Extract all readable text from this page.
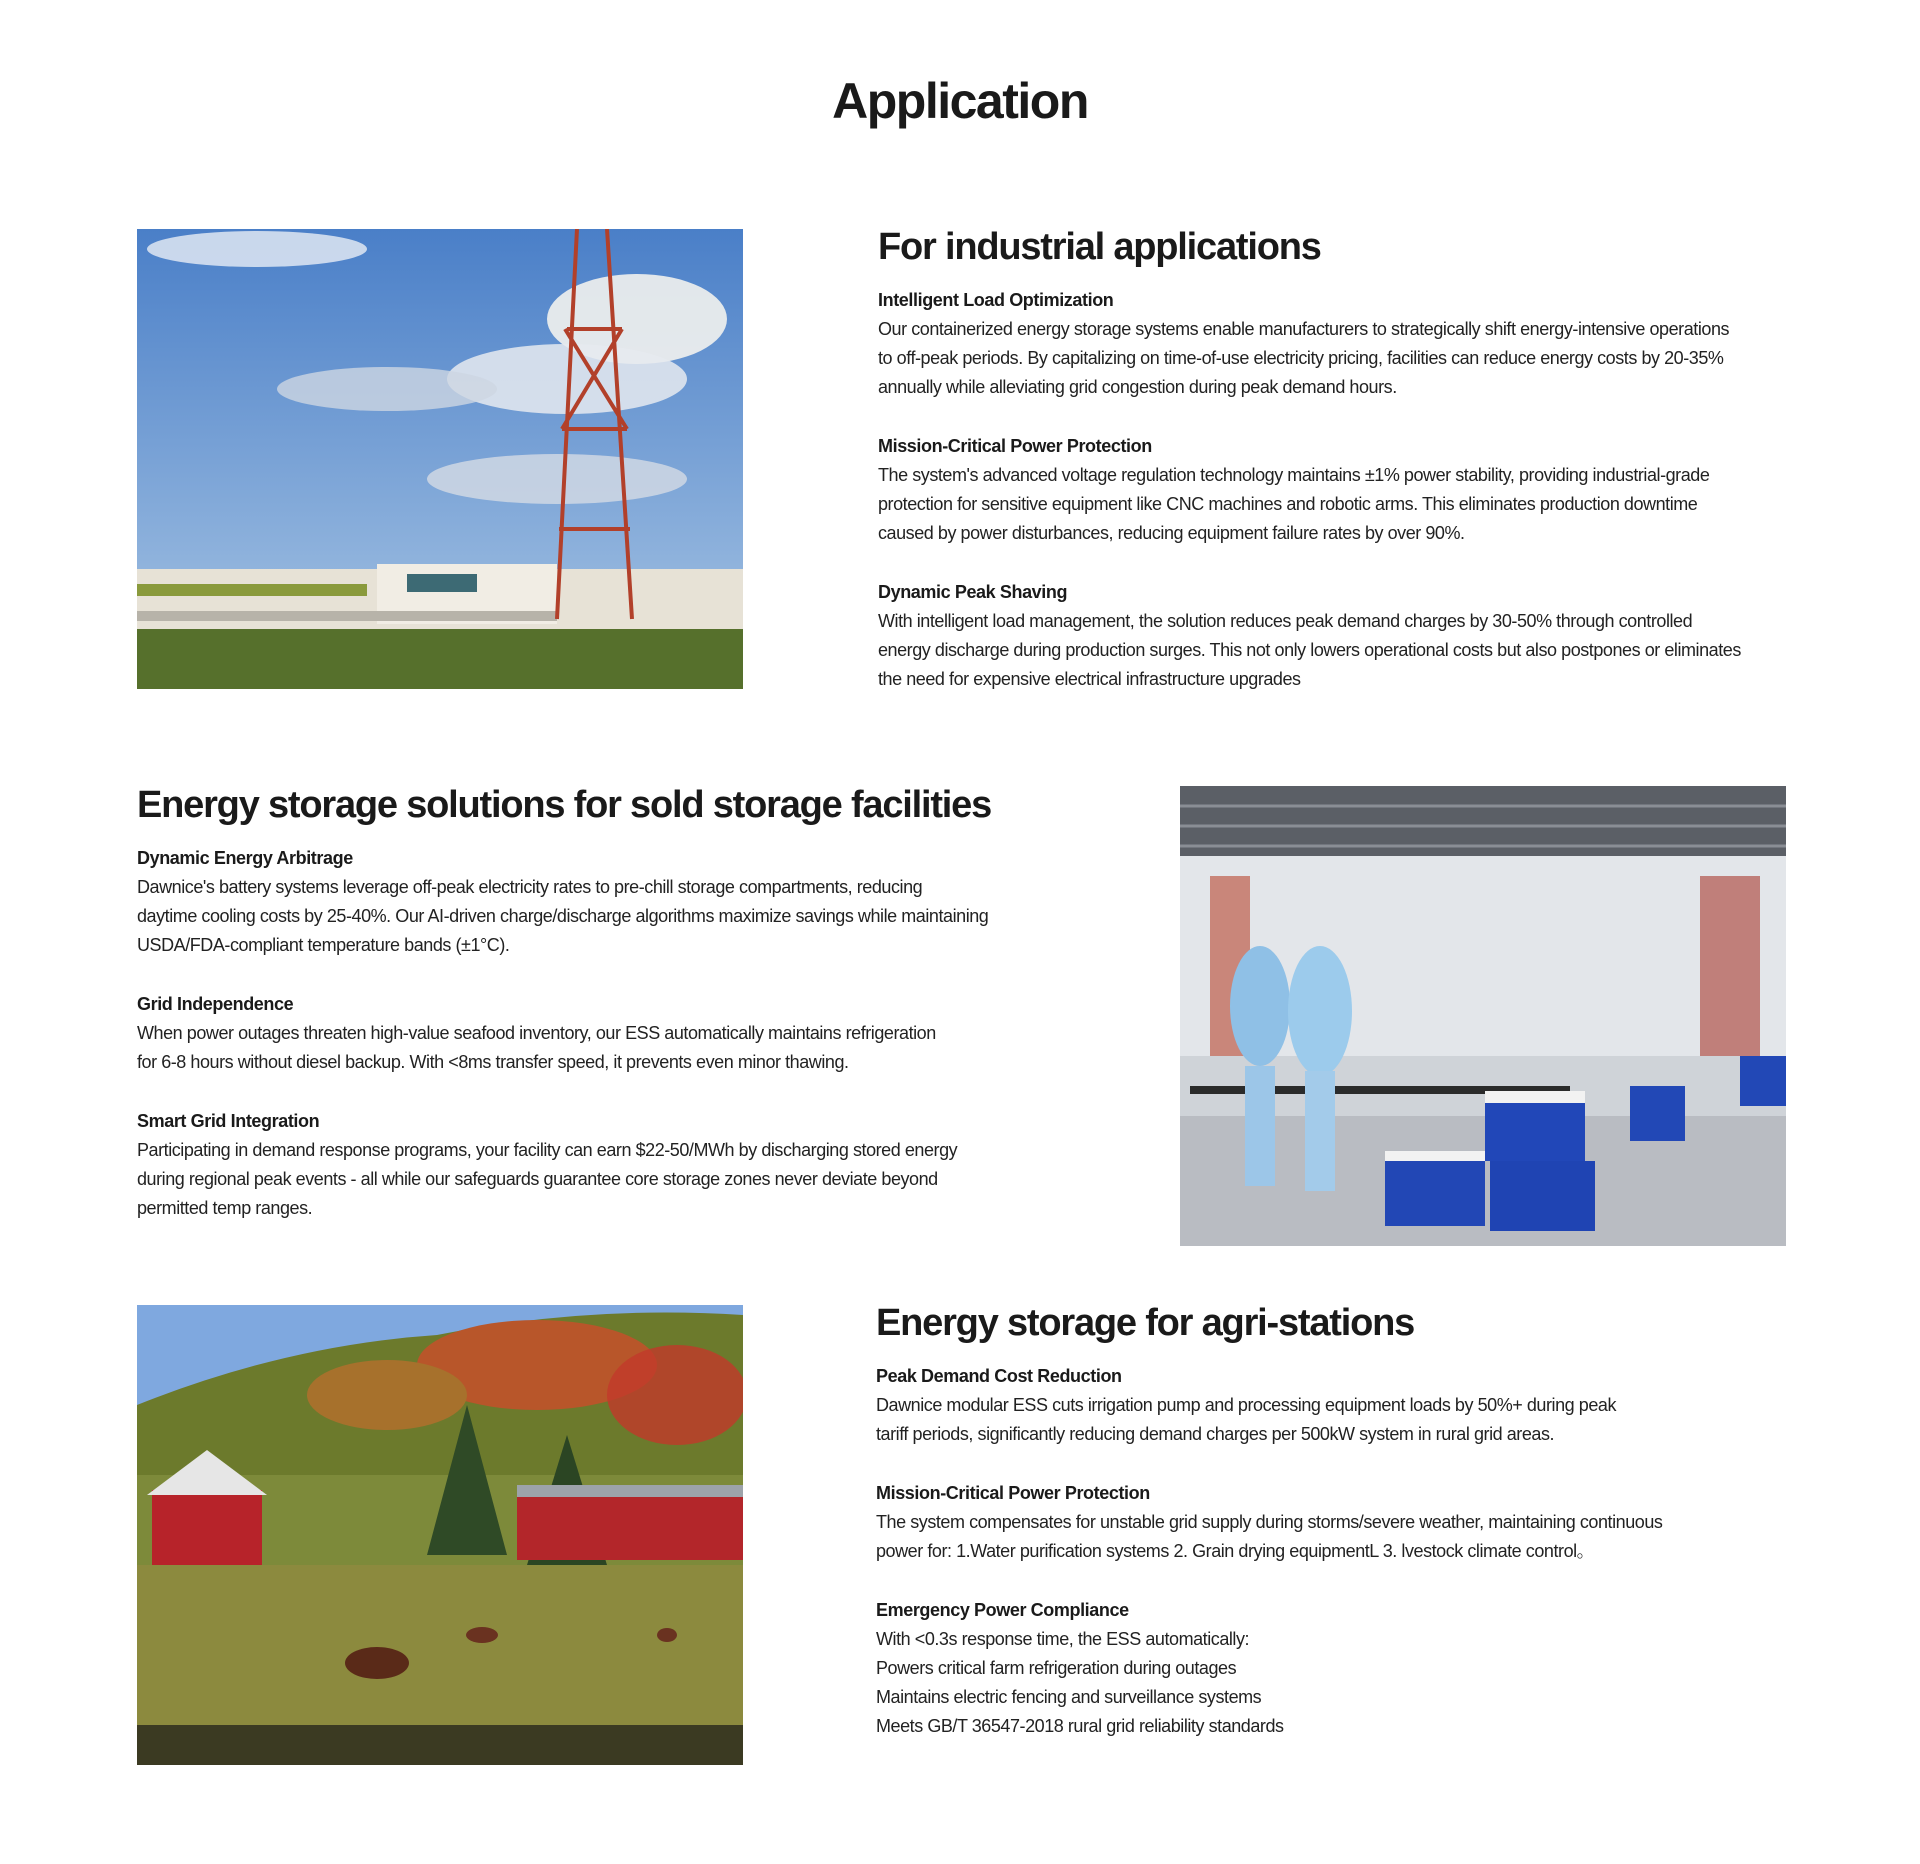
Application
For industrial applications
Intelligent Load Optimization
Our containerized energy storage systems enable manufacturers to strategically shift energy-intensive operations
to off-peak periods. By capitalizing on time-of-use electricity pricing, facilities can reduce energy costs by 20-35%
annually while alleviating grid congestion during peak demand hours.
Mission-Critical Power Protection
The system's advanced voltage regulation technology maintains ±1% power stability, providing industrial-grade
protection for sensitive equipment like CNC machines and robotic arms. This eliminates production downtime
caused by power disturbances, reducing equipment failure rates by over 90%.
Dynamic Peak Shaving
With intelligent load management, the solution reduces peak demand charges by 30-50% through controlled
energy discharge during production surges. This not only lowers operational costs but also postpones or eliminates
the need for expensive electrical infrastructure upgrades
Energy storage solutions for sold storage facilities
Dynamic Energy Arbitrage
Dawnice's battery systems leverage off-peak electricity rates to pre-chill storage compartments, reducing
daytime cooling costs by 25-40%. Our AI-driven charge/discharge algorithms maximize savings while maintaining
USDA/FDA-compliant temperature bands (±1°C).
Grid Independence
When power outages threaten high-value seafood inventory, our ESS automatically maintains refrigeration
for 6-8 hours without diesel backup. With <8ms transfer speed, it prevents even minor thawing.
Smart Grid Integration
Participating in demand response programs, your facility can earn $22-50/MWh by discharging stored energy
during regional peak events - all while our safeguards guarantee core storage zones never deviate beyond
permitted temp ranges.
Energy storage for agri-stations
Peak Demand Cost Reduction
Dawnice modular ESS cuts irrigation pump and processing equipment loads by 50%+ during peak
tariff periods, significantly reducing demand charges per 500kW system in rural grid areas.
Mission-Critical Power Protection
The system compensates for unstable grid supply during storms/severe weather, maintaining continuous
power for: 1.Water purification systems 2. Grain drying equipmentL 3. lvestock climate control。
Emergency Power Compliance
With <0.3s response time, the ESS automatically:
Powers critical farm refrigeration during outages
Maintains electric fencing and surveillance systems
Meets GB/T 36547-2018 rural grid reliability standards
